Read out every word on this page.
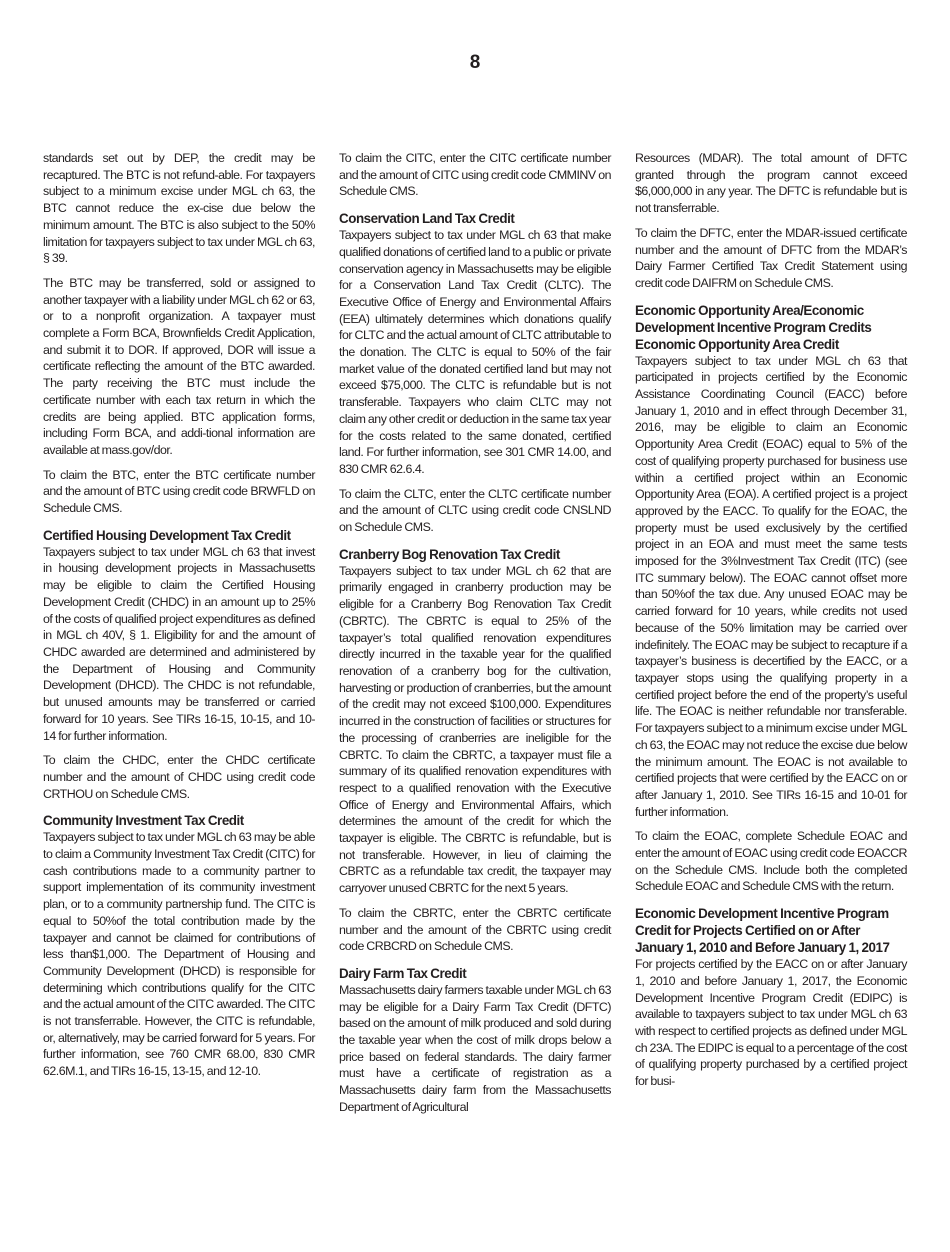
8

standards set out by DEP, the credit may be recaptured. The BTC is not refund-able. For taxpayers subject to a minimum excise under MGL ch 63, the BTC cannot reduce the ex-cise due below the minimum amount. The BTC is also subject to the 50% limitation for taxpayers subject to tax under MGL ch 63, § 39.

The BTC may be transferred, sold or assigned to another taxpayer with a liability under MGL ch 62 or 63, or to a nonprofit organization. A taxpayer must complete a Form BCA, Brownfields Credit Application, and submit it to DOR. If approved, DOR will issue a certificate reflecting the amount of the BTC awarded. The party receiving the BTC must include the certificate number with each tax return in which the credits are being applied. BTC application forms, including Form BCA, and addi-tional information are available at mass.gov/dor.

To claim the BTC, enter the BTC certificate number and the amount of BTC using credit code BRWFLD on Schedule CMS.

Certified Housing Development Tax Credit

Taxpayers subject to tax under MGL ch 63 that invest in housing development projects in Massachusetts may be eligible to claim the Certified Housing Development Credit (CHDC) in an amount up to 25% of the costs of qualified project expenditures as defined in MGL ch 40V, § 1. Eligibility for and the amount of CHDC awarded are determined and administered by the Department of Housing and Community Development (DHCD). The CHDC is not refundable, but unused amounts may be transferred or carried forward for 10 years. See TIRs 16-15, 10-15, and 10-14 for further information.

To claim the CHDC, enter the CHDC certificate number and the amount of CHDC using credit code CRTHOU on Schedule CMS.

Community Investment Tax Credit

Taxpayers subject to tax under MGL ch 63 may be able to claim a Community Investment Tax Credit (CITC) for cash contributions made to a community partner to support implementation of its community investment plan, or to a community partnership fund. The CITC is equal to 50%of the total contribution made by the taxpayer and cannot be claimed for contributions of less than$1,000. The Department of Housing and Community Development (DHCD) is responsible for determining which contributions qualify for the CITC and the actual amount of the CITC awarded. The CITC is not transferrable. However, the CITC is refundable, or, alternatively, may be carried forward for 5 years. For further information, see 760 CMR 68.00, 830 CMR 62.6M.1, and TIRs 16-15, 13-15, and 12-10.

To claim the CITC, enter the CITC certificate number and the amount of CITC using credit code CMMINV on Schedule CMS.

Conservation Land Tax Credit

Taxpayers subject to tax under MGL ch 63 that make qualified donations of certified land to a public or private conservation agency in Massachusetts may be eligible for a Conservation Land Tax Credit (CLTC). The Executive Office of Energy and Environmental Affairs (EEA) ultimately determines which donations qualify for CLTC and the actual amount of CLTC attributable to the donation. The CLTC is equal to 50% of the fair market value of the donated certified land but may not exceed $75,000. The CLTC is refundable but is not transferable. Taxpayers who claim CLTC may not claim any other credit or deduction in the same tax year for the costs related to the same donated, certified land. For further information, see 301 CMR 14.00, and 830 CMR 62.6.4.

To claim the CLTC, enter the CLTC certificate number and the amount of CLTC using credit code CNSLND on Schedule CMS.

Cranberry Bog Renovation Tax Credit

Taxpayers subject to tax under MGL ch 62 that are primarily engaged in cranberry production may be eligible for a Cranberry Bog Renovation Tax Credit (CBRTC). The CBRTC is equal to 25% of the taxpayer’s total qualified renovation expenditures directly incurred in the taxable year for the qualified renovation of a cranberry bog for the cultivation, harvesting or production of cranberries, but the amount of the credit may not exceed $100,000. Expenditures incurred in the construction of facilities or structures for the processing of cranberries are ineligible for the CBRTC. To claim the CBRTC, a taxpayer must file a summary of its qualified renovation expenditures with respect to a qualified renovation with the Executive Office of Energy and Environmental Affairs, which determines the amount of the credit for which the taxpayer is eligible. The CBRTC is refundable, but is not transferable. However, in lieu of claiming the CBRTC as a refundable tax credit, the taxpayer may carryover unused CBRTC for the next 5 years.

To claim the CBRTC, enter the CBRTC certificate number and the amount of the CBRTC using credit code CRBCRD on Schedule CMS.

Dairy Farm Tax Credit

Massachusetts dairy farmers taxable under MGL ch 63 may be eligible for a Dairy Farm Tax Credit (DFTC) based on the amount of milk produced and sold during the taxable year when the cost of milk drops below a price based on federal standards. The dairy farmer must have a certificate of registration as a Massachusetts dairy farm from the Massachusetts Department of Agricultural

Resources (MDAR). The total amount of DFTC granted through the program cannot exceed $6,000,000 in any year. The DFTC is refundable but is not transferrable.

To claim the DFTC, enter the MDAR-issued certificate number and the amount of DFTC from the MDAR’s Dairy Farmer Certified Tax Credit Statement using credit code DAIFRM on Schedule CMS.

Economic Opportunity Area/Economic Development Incentive Program Credits
Economic Opportunity Area Credit

Taxpayers subject to tax under MGL ch 63 that participated in projects certified by the Economic Assistance Coordinating Council (EACC) before January 1, 2010 and in effect through December 31, 2016, may be eligible to claim an Economic Opportunity Area Credit (EOAC) equal to 5% of the cost of qualifying property purchased for business use within a certified project within an Economic Opportunity Area (EOA). A certified project is a project approved by the EACC. To qualify for the EOAC, the property must be used exclusively by the certified project in an EOA and must meet the same tests imposed for the 3%Investment Tax Credit (ITC) (see ITC summary below). The EOAC cannot offset more than 50%of the tax due. Any unused EOAC may be carried forward for 10 years, while credits not used because of the 50% limitation may be carried over indefinitely. The EOAC may be subject to recapture if a taxpayer’s business is decertified by the EACC, or a taxpayer stops using the qualifying property in a certified project before the end of the property’s useful life. The EOAC is neither refundable nor transferable. For taxpayers subject to a minimum excise under MGL ch 63, the EOAC may not reduce the excise due below the minimum amount. The EOAC is not available to certified projects that were certified by the EACC on or after January 1, 2010. See TIRs 16-15 and 10-01 for further information.

To claim the EOAC, complete Schedule EOAC and enter the amount of EOAC using credit code EOACCR on the Schedule CMS. Include both the completed Schedule EOAC and Schedule CMS with the return.

Economic Development Incentive Program Credit for Projects Certified on or After January 1, 2010 and Before January 1, 2017

For projects certified by the EACC on or after January 1, 2010 and before January 1, 2017, the Economic Development Incentive Program Credit (EDIPC) is available to taxpayers subject to tax under MGL ch 63 with respect to certified projects as defined under MGL ch 23A. The EDIPC is equal to a percentage of the cost of qualifying property purchased by a certified project for busi-
